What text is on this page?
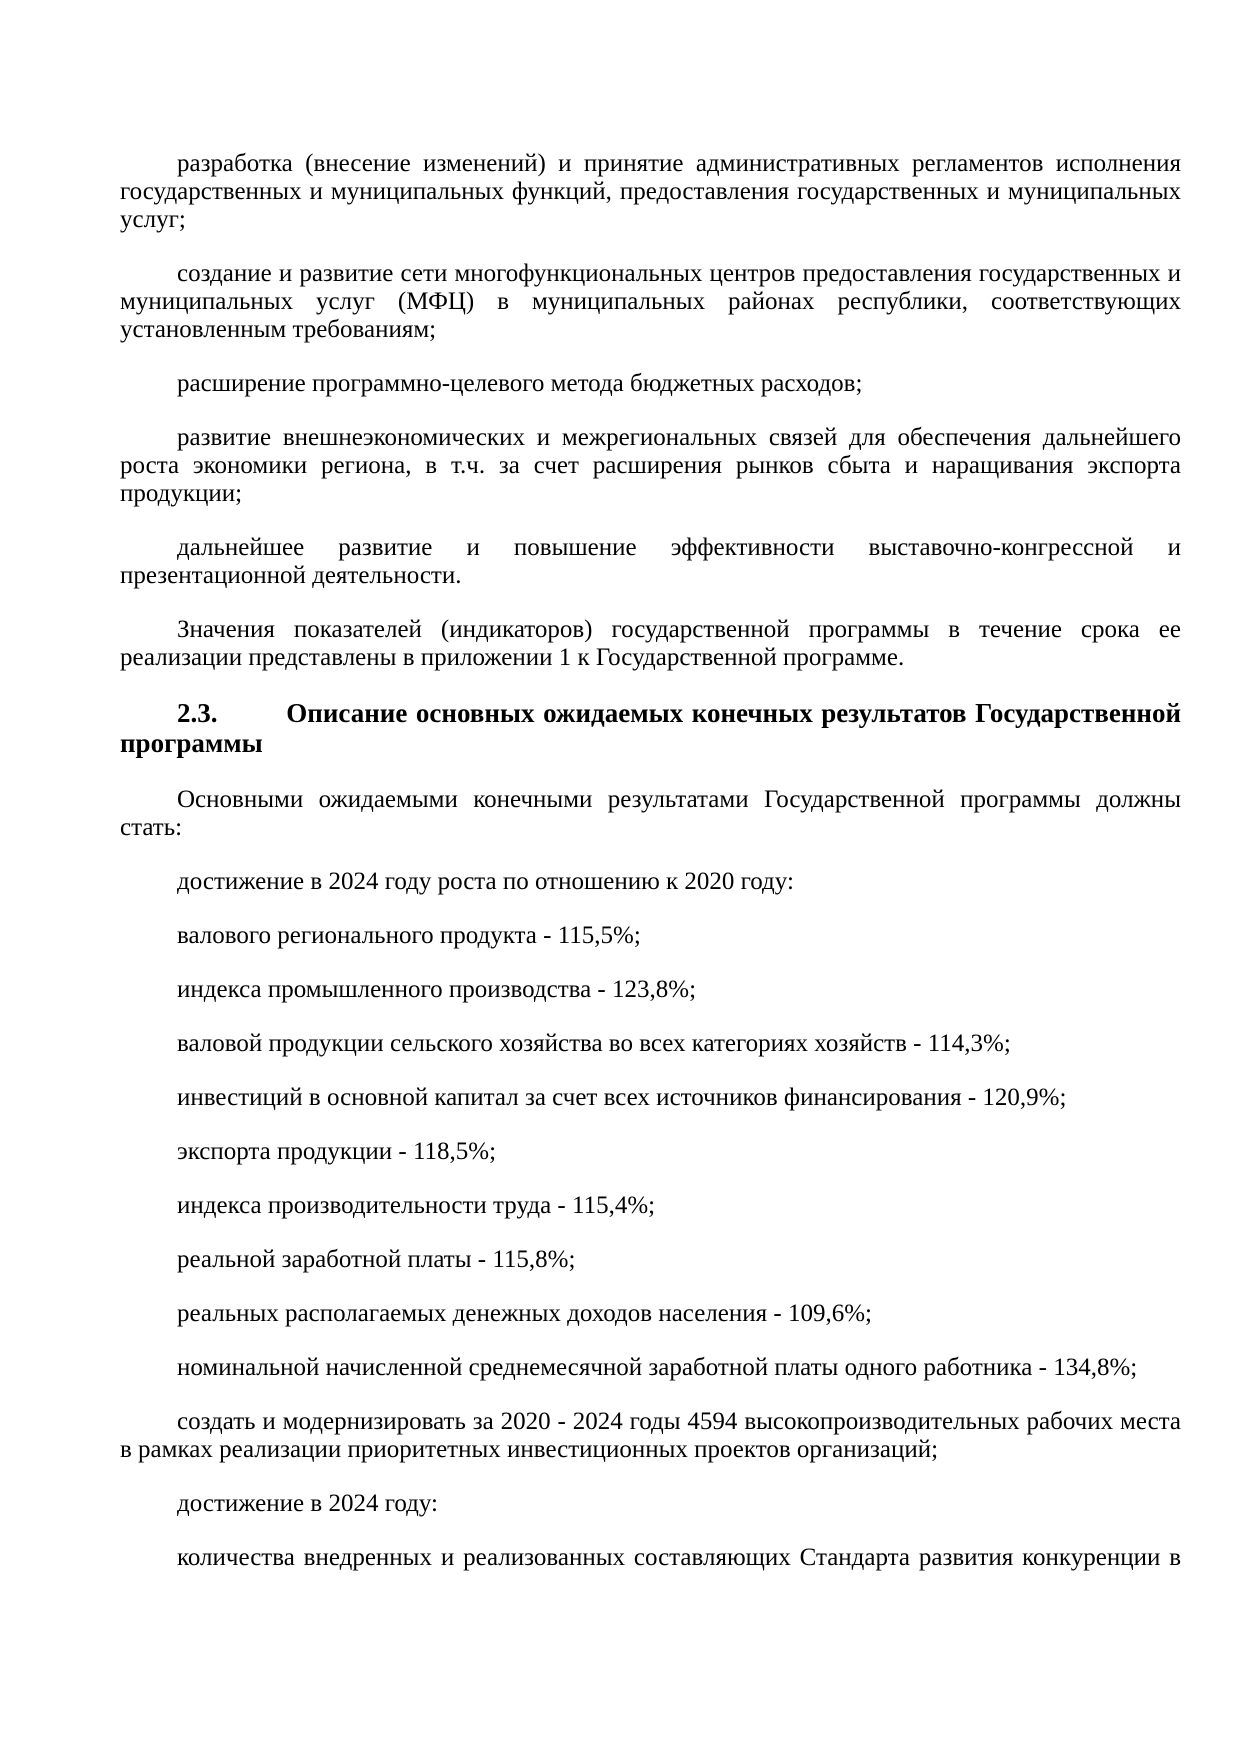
разработка (внесение изменений) и принятие административных регламентов исполнения государственных и муниципальных функций, предоставления государственных и муниципальных услуг;

создание и развитие сети многофункциональных центров предоставления государственных и муниципальных услуг (МФЦ) в муниципальных районах республики, соответствующих установленным требованиям;

расширение программно-целевого метода бюджетных расходов;

развитие внешнеэкономических и межрегиональных связей для обеспечения дальнейшего роста экономики региона, в т.ч. за счет расширения рынков сбыта и наращивания экспорта продукции;

дальнейшее развитие и повышение эффективности выставочно-конгрессной и презентационной деятельности.

Значения показателей (индикаторов) государственной программы в течение срока ее реализации представлены в приложении 1 к Государственной программе.

2.3.	Описание основных ожидаемых конечных результатов Государственной программы

Основными ожидаемыми конечными результатами Государственной программы должны стать:

достижение в 2024 году роста по отношению к 2020 году:

валового регионального продукта - 115,5%;

индекса промышленного производства - 123,8%;

валовой продукции сельского хозяйства во всех категориях хозяйств - 114,3%;

инвестиций в основной капитал за счет всех источников финансирования - 120,9%;

экспорта продукции - 118,5%;

индекса производительности труда - 115,4%;

реальной заработной платы - 115,8%;

реальных располагаемых денежных доходов населения - 109,6%;

номинальной начисленной среднемесячной заработной платы одного работника - 134,8%;

создать и модернизировать за 2020 - 2024 годы 4594 высокопроизводительных рабочих места в рамках реализации приоритетных инвестиционных проектов организаций;

достижение в 2024 году:

количества внедренных и реализованных составляющих Стандарта развития конкуренции в
